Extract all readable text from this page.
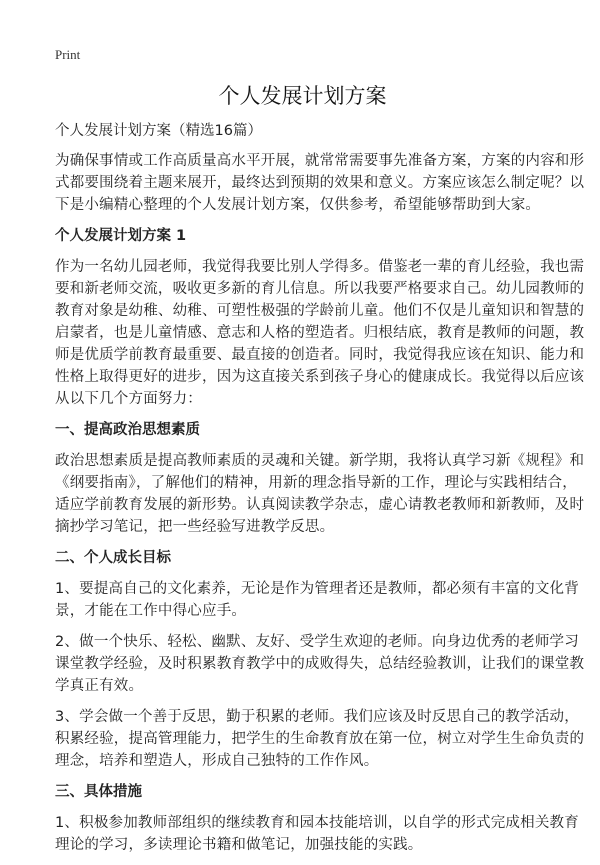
Print
个人发展计划方案
个人发展计划方案（精选16篇）
为确保事情或工作高质量高水平开展，就常常需要事先准备方案，方案的内容和形
式都要围绕着主题来展开，最终达到预期的效果和意义。方案应该怎么制定呢？以
下是小编精心整理的个人发展计划方案，仅供参考，希望能够帮助到大家。
个人发展计划方案 1
作为一名幼儿园老师，我觉得我要比别人学得多。借鉴老一辈的育儿经验，我也需
要和新老师交流，吸收更多新的育儿信息。所以我要严格要求自己。幼儿园教师的
教育对象是幼稚、幼稚、可塑性极强的学龄前儿童。他们不仅是儿童知识和智慧的
启蒙者，也是儿童情感、意志和人格的塑造者。归根结底，教育是教师的问题，教
师是优质学前教育最重要、最直接的创造者。同时，我觉得我应该在知识、能力和
性格上取得更好的进步，因为这直接关系到孩子身心的健康成长。我觉得以后应该
从以下几个方面努力：
一、提高政治思想素质
政治思想素质是提高教师素质的灵魂和关键。新学期，我将认真学习新《规程》和
《纲要指南》，了解他们的精神，用新的理念指导新的工作，理论与实践相结合，
适应学前教育发展的新形势。认真阅读教学杂志，虚心请教老教师和新教师，及时
摘抄学习笔记，把一些经验写进教学反思。
二、个人成长目标
1、要提高自己的文化素养，无论是作为管理者还是教师，都必须有丰富的文化背
景，才能在工作中得心应手。
2、做一个快乐、轻松、幽默、友好、受学生欢迎的老师。向身边优秀的老师学习
课堂教学经验，及时积累教育教学中的成败得失，总结经验教训，让我们的课堂教
学真正有效。
3、学会做一个善于反思，勤于积累的老师。我们应该及时反思自己的教学活动，
积累经验，提高管理能力，把学生的生命教育放在第一位，树立对学生生命负责的
理念，培养和塑造人，形成自己独特的工作作风。
三、具体措施
1、积极参加教师部组织的继续教育和园本技能培训，以自学的形式完成相关教育
理论的学习，多读理论书籍和做笔记，加强技能的实践。
